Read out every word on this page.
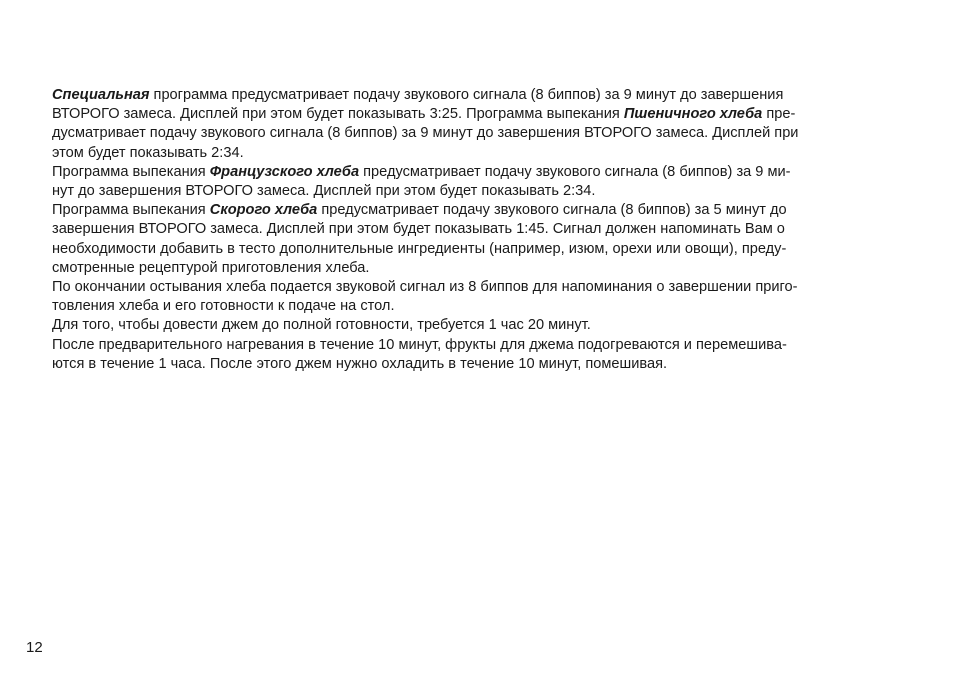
Специальная программа предусматривает подачу звукового сигнала (8 биппов) за 9 минут до завершения
ВТОРОГО замеса. Дисплей при этом будет показывать 3:25. Программа выпекания Пшеничного хлеба пре-
дусматривает подачу звукового сигнала (8 биппов) за 9 минут до завершения ВТОРОГО замеса. Дисплей при
этом будет показывать 2:34.
Программа выпекания Французского хлеба предусматривает подачу звукового сигнала (8 биппов) за 9 ми-
нут до завершения ВТОРОГО замеса. Дисплей при этом будет показывать 2:34.
Программа выпекания Скорого хлеба предусматривает подачу звукового сигнала (8 биппов) за 5 минут до
завершения ВТОРОГО замеса. Дисплей при этом будет показывать 1:45. Сигнал должен напоминать Вам о
необходимости добавить в тесто дополнительные ингредиенты (например, изюм, орехи или овощи), преду-
смотренные рецептурой приготовления хлеба.
По окончании остывания хлеба подается звуковой сигнал из 8 биппов для напоминания о завершении приго-
товления хлеба и его готовности к подаче на стол.
Для того, чтобы довести джем до полной готовности, требуется 1 час 20 минут.
После предварительного нагревания в течение 10 минут, фрукты для джема подогреваются и перемешива-
ются в течение 1 часа. После этого джем нужно охладить в течение 10 минут, помешивая.
12
